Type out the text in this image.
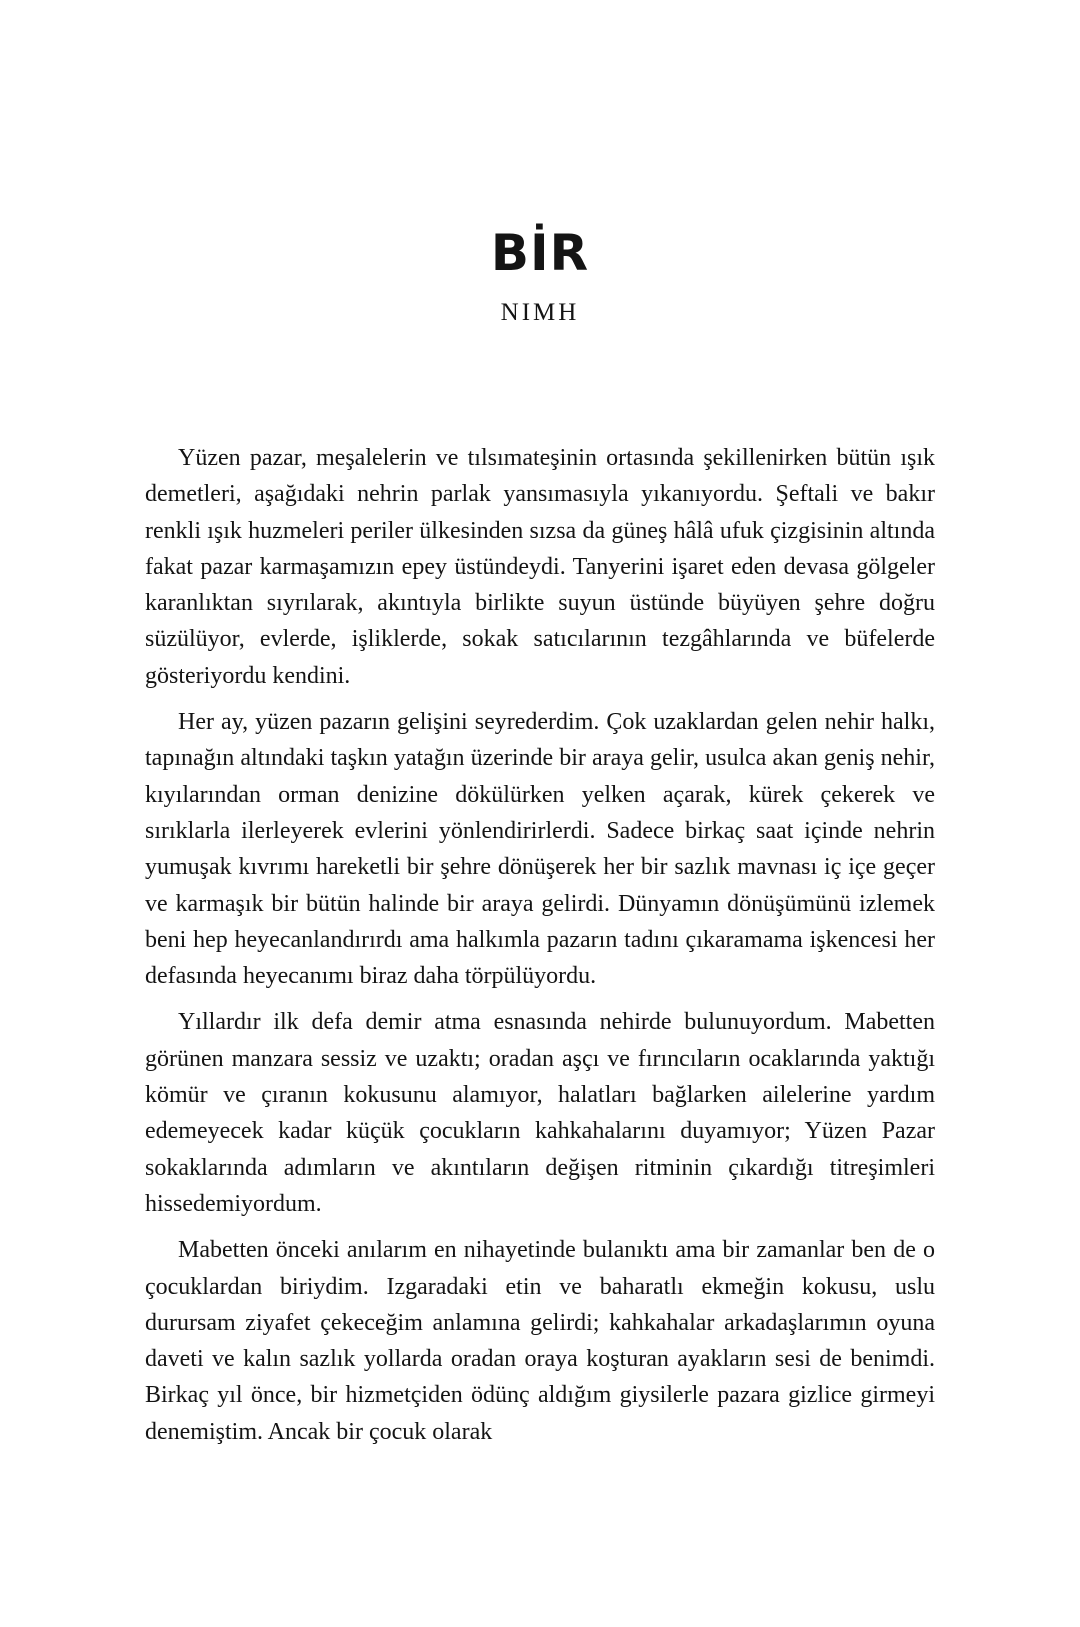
BİR
NIMH

Yüzen pazar, meşalelerin ve tılsımateşinin ortasında şekillenirken bütün ışık demetleri, aşağıdaki nehrin parlak yansımasıyla yıkanıyordu. Şeftali ve bakır renkli ışık huzmeleri periler ülkesinden sızsa da güneş hâlâ ufuk çizgisinin altında fakat pazar karmaşamızın epey üstündeydi. Tanyerini işaret eden devasa gölgeler karanlıktan sıyrılarak, akıntıyla birlikte suyun üstünde büyüyen şehre doğru süzülüyor, evlerde, işliklerde, sokak satıcılarının tezgâhlarında ve büfelerde gösteriyordu kendini.

Her ay, yüzen pazarın gelişini seyrederdim. Çok uzaklardan gelen nehir halkı, tapınağın altındaki taşkın yatağın üzerinde bir araya gelir, usulca akan geniş nehir, kıyılarından orman denizine dökülürken yelken açarak, kürek çekerek ve sırıklarla ilerleyerek evlerini yönlendirirlerdi. Sadece birkaç saat içinde nehrin yumuşak kıvrımı hareketli bir şehre dönüşerek her bir sazlık mavnası iç içe geçer ve karmaşık bir bütün halinde bir araya gelirdi. Dünyamın dönüşümünü izlemek beni hep heyecanlandırırdı ama halkımla pazarın tadını çıkaramama işkencesi her defasında heyecanımı biraz daha törpülüyordu.

Yıllardır ilk defa demir atma esnasında nehirde bulunuyordum. Mabetten görünen manzara sessiz ve uzaktı; oradan aşçı ve fırıncıların ocaklarında yaktığı kömür ve çıranın kokusunu alamıyor, halatları bağlarken ailelerine yardım edemeyecek kadar küçük çocukların kahkahalarını duyamıyor; Yüzen Pazar sokaklarında adımların ve akıntıların değişen ritminin çıkardığı titreşimleri hissedemiyordum.

Mabetten önceki anılarım en nihayetinde bulanıktı ama bir zamanlar ben de o çocuklardan biriydim. Izgaradaki etin ve baharatlı ekmeğin kokusu, uslu durursam ziyafet çekeceğim anlamına gelirdi; kahkahalar arkadaşlarımın oyuna daveti ve kalın sazlık yollarda oradan oraya koşturan ayakların sesi de benimdi. Birkaç yıl önce, bir hizmetçiden ödünç aldığım giysilerle pazara gizlice girmeyi denemiştim. Ancak bir çocuk olarak
